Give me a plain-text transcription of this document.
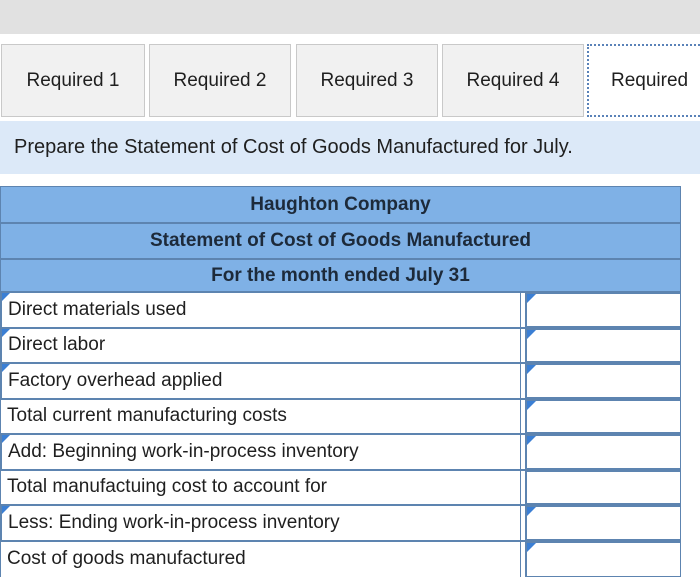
Required 1	Required 2	Required 3	Required 4	Required
Prepare the Statement of Cost of Goods Manufactured for July.
Haughton Company
Statement of Cost of Goods Manufactured
For the month ended July 31
Direct materials used
Direct labor
Factory overhead applied
Total current manufacturing costs
Add: Beginning work-in-process inventory
Total manufactuing cost to account for
Less: Ending work-in-process inventory
Cost of goods manufactured
